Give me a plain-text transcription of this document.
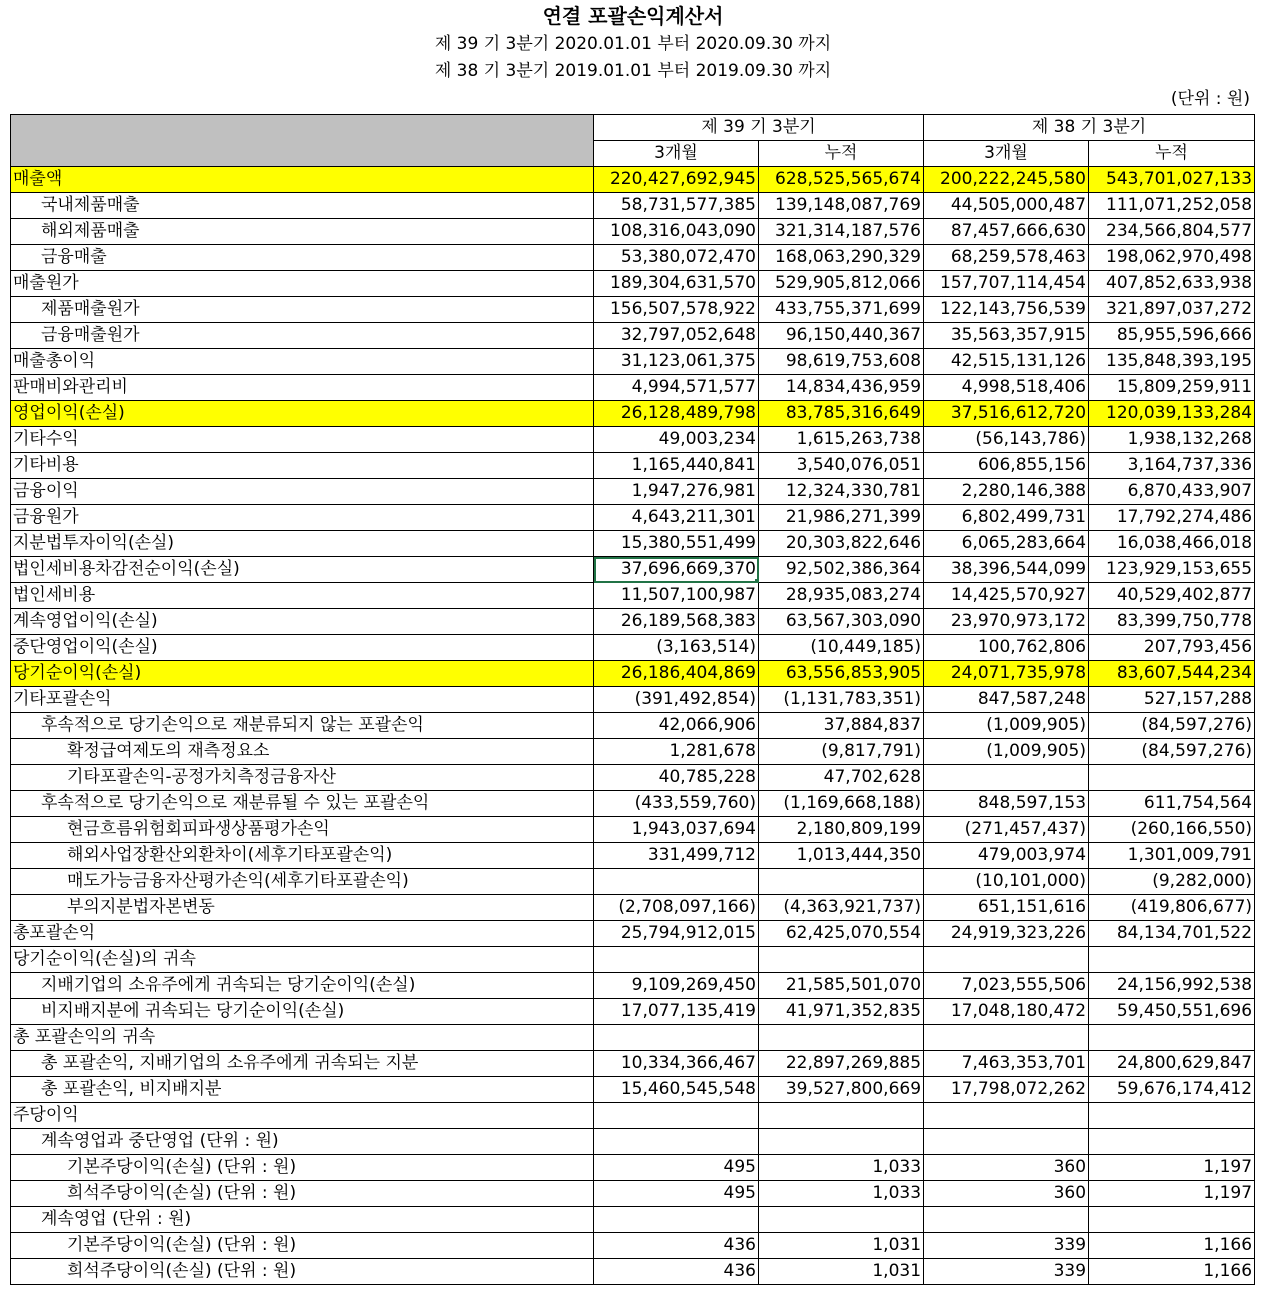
연결 포괄손익계산서
제 39 기 3분기 2020.01.01 부터 2020.09.30 까지
제 38 기 3분기 2019.01.01 부터 2019.09.30 까지
(단위 : 원)
	제 39 기 3분기		제 38 기 3분기	
	3개월	누적	3개월	누적
매출액	220,427,692,945	628,525,565,674	200,222,245,580	543,701,027,133
국내제품매출	58,731,577,385	139,148,087,769	44,505,000,487	111,071,252,058
해외제품매출	108,316,043,090	321,314,187,576	87,457,666,630	234,566,804,577
금융매출	53,380,072,470	168,063,290,329	68,259,578,463	198,062,970,498
매출원가	189,304,631,570	529,905,812,066	157,707,114,454	407,852,633,938
제품매출원가	156,507,578,922	433,755,371,699	122,143,756,539	321,897,037,272
금융매출원가	32,797,052,648	96,150,440,367	35,563,357,915	85,955,596,666
매출총이익	31,123,061,375	98,619,753,608	42,515,131,126	135,848,393,195
판매비와관리비	4,994,571,577	14,834,436,959	4,998,518,406	15,809,259,911
영업이익(손실)	26,128,489,798	83,785,316,649	37,516,612,720	120,039,133,284
기타수익	49,003,234	1,615,263,738	(56,143,786)	1,938,132,268
기타비용	1,165,440,841	3,540,076,051	606,855,156	3,164,737,336
금융이익	1,947,276,981	12,324,330,781	2,280,146,388	6,870,433,907
금융원가	4,643,211,301	21,986,271,399	6,802,499,731	17,792,274,486
지분법투자이익(손실)	15,380,551,499	20,303,822,646	6,065,283,664	16,038,466,018
법인세비용차감전순이익(손실)	37,696,669,370	92,502,386,364	38,396,544,099	123,929,153,655
법인세비용	11,507,100,987	28,935,083,274	14,425,570,927	40,529,402,877
계속영업이익(손실)	26,189,568,383	63,567,303,090	23,970,973,172	83,399,750,778
중단영업이익(손실)	(3,163,514)	(10,449,185)	100,762,806	207,793,456
당기순이익(손실)	26,186,404,869	63,556,853,905	24,071,735,978	83,607,544,234
기타포괄손익	(391,492,854)	(1,131,783,351)	847,587,248	527,157,288
후속적으로 당기손익으로 재분류되지 않는 포괄손익	42,066,906	37,884,837	(1,009,905)	(84,597,276)
확정급여제도의 재측정요소	1,281,678	(9,817,791)	(1,009,905)	(84,597,276)
기타포괄손익-공정가치측정금융자산	40,785,228	47,702,628		
후속적으로 당기손익으로 재분류될 수 있는 포괄손익	(433,559,760)	(1,169,668,188)	848,597,153	611,754,564
현금흐름위험회피파생상품평가손익	1,943,037,694	2,180,809,199	(271,457,437)	(260,166,550)
해외사업장환산외환차이(세후기타포괄손익)	331,499,712	1,013,444,350	479,003,974	1,301,009,791
매도가능금융자산평가손익(세후기타포괄손익)			(10,101,000)	(9,282,000)
부의지분법자본변동	(2,708,097,166)	(4,363,921,737)	651,151,616	(419,806,677)
총포괄손익	25,794,912,015	62,425,070,554	24,919,323,226	84,134,701,522
당기순이익(손실)의 귀속				
지배기업의 소유주에게 귀속되는 당기순이익(손실)	9,109,269,450	21,585,501,070	7,023,555,506	24,156,992,538
비지배지분에 귀속되는 당기순이익(손실)	17,077,135,419	41,971,352,835	17,048,180,472	59,450,551,696
총 포괄손익의 귀속				
총 포괄손익, 지배기업의 소유주에게 귀속되는 지분	10,334,366,467	22,897,269,885	7,463,353,701	24,800,629,847
총 포괄손익, 비지배지분	15,460,545,548	39,527,800,669	17,798,072,262	59,676,174,412
주당이익				
계속영업과 중단영업 (단위 : 원)				
기본주당이익(손실) (단위 : 원)	495	1,033	360	1,197
희석주당이익(손실) (단위 : 원)	495	1,033	360	1,197
계속영업 (단위 : 원)				
기본주당이익(손실) (단위 : 원)	436	1,031	339	1,166
희석주당이익(손실) (단위 : 원)	436	1,031	339	1,166
